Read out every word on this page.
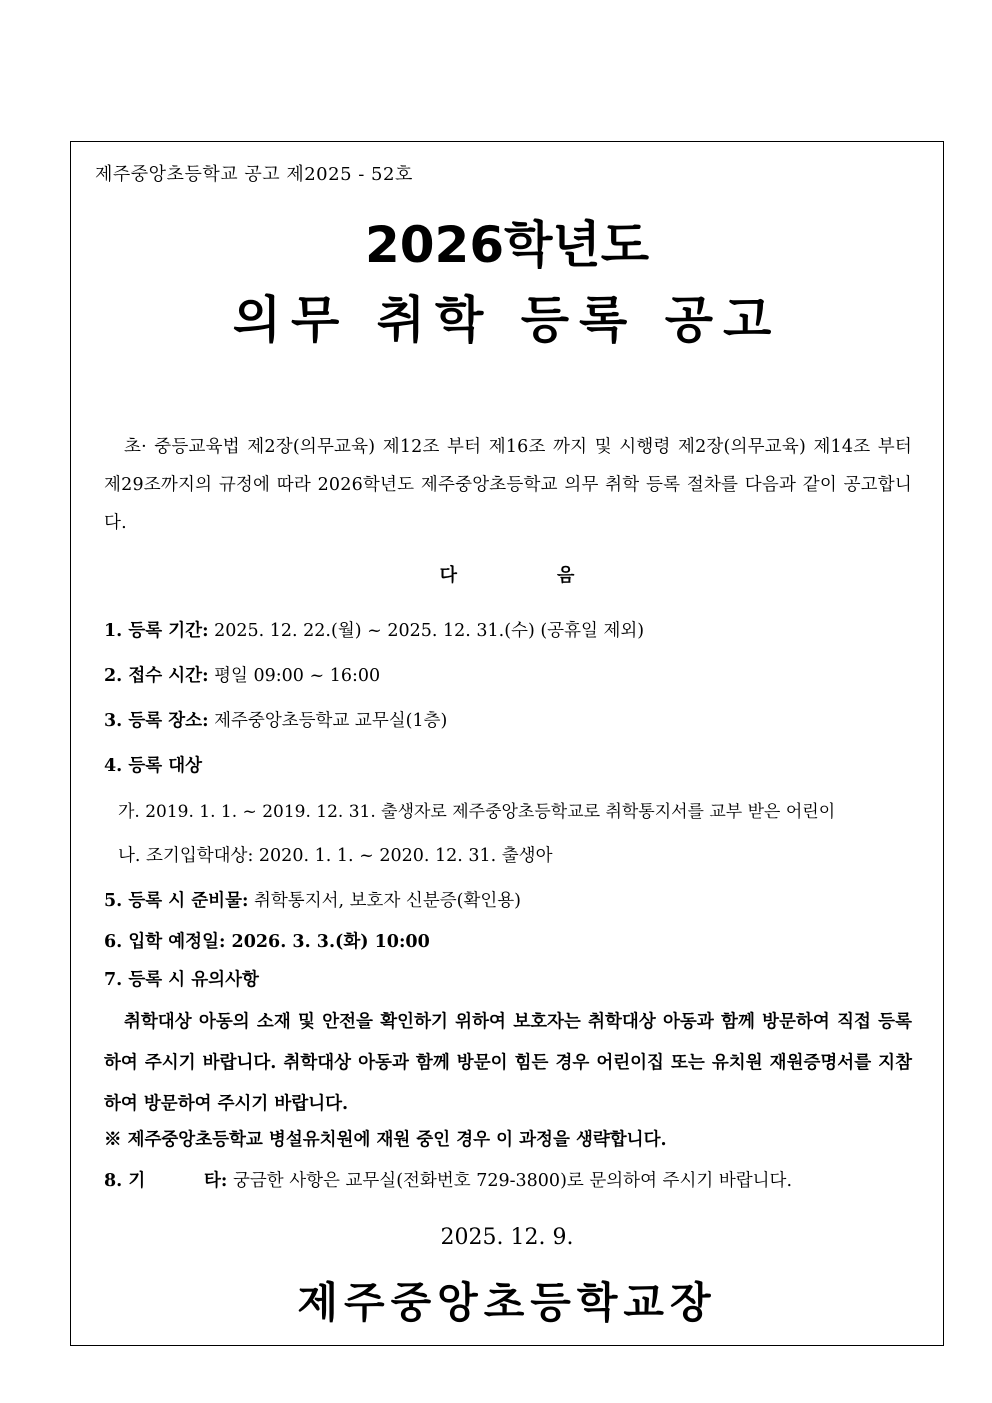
제주중앙초등학교 공고 제2025 - 52호
2026학년도
의무 취학 등록 공고
초· 중등교육법 제2장(의무교육) 제12조 부터 제16조 까지 및 시행령 제2장(의무교육) 제14조 부터 제29조까지의 규정에 따라 2026학년도 제주중앙초등학교 의무 취학 등록 절차를 다음과 같이 공고합니다.
다	음
1. 등록 기간: 2025. 12. 22.(월) ~ 2025. 12. 31.(수) (공휴일 제외)
2. 접수 시간: 평일 09:00 ~ 16:00
3. 등록 장소: 제주중앙초등학교 교무실(1층)
4. 등록 대상
가. 2019. 1. 1. ~ 2019. 12. 31. 출생자로 제주중앙초등학교로 취학통지서를 교부 받은 어린이
나. 조기입학대상: 2020. 1. 1. ~ 2020. 12. 31. 출생아
5. 등록 시 준비물: 취학통지서, 보호자 신분증(확인용)
6. 입학 예정일: 2026. 3. 3.(화) 10:00
7. 등록 시 유의사항
취학대상 아동의 소재 및 안전을 확인하기 위하여 보호자는 취학대상 아동과 함께 방문하여 직접 등록하여 주시기 바랍니다. 취학대상 아동과 함께 방문이 힘든 경우 어린이집 또는 유치원 재원증명서를 지참하여 방문하여 주시기 바랍니다.
※ 제주중앙초등학교 병설유치원에 재원 중인 경우 이 과정을 생략합니다.
8. 기	타: 궁금한 사항은 교무실(전화번호 729-3800)로 문의하여 주시기 바랍니다.
2025. 12. 9.
제주중앙초등학교장
